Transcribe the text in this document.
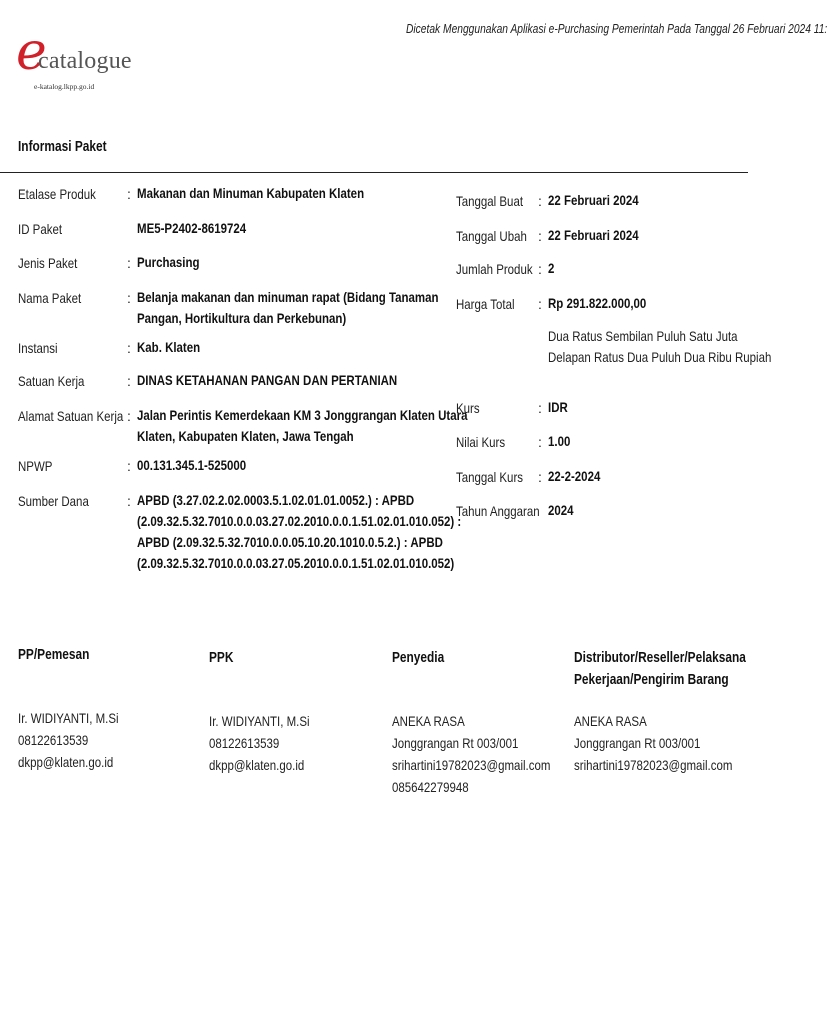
Dicetak Menggunakan Aplikasi e-Purchasing Pemerintah Pada Tanggal 26 Februari 2024 11:
e
catalogue
e-katalog.lkpp.go.id
Informasi Paket
Etalase Produk : Makanan dan Minuman Kabupaten Klaten
ID Paket	ME5-P2402-8619724
Jenis Paket	: Purchasing
Nama Paket	: Belanja makanan dan minuman rapat (Bidang Tanaman
Pangan, Hortikultura dan Perkebunan)
Instansi	: Kab. Klaten
Satuan Kerja	: DINAS KETAHANAN PANGAN DAN PERTANIAN
Alamat Satuan Kerja : Jalan Perintis Kemerdekaan KM 3 Jonggrangan Klaten Utara
Klaten, Kabupaten Klaten, Jawa Tengah
NPWP	: 00.131.345.1-525000
Sumber Dana	: APBD (3.27.02.2.02.0003.5.1.02.01.01.0052.) : APBD
(2.09.32.5.32.7010.0.0.03.27.02.2010.0.0.1.51.02.01.010.052) :
APBD (2.09.32.5.32.7010.0.0.05.10.20.1010.0.5.2.) : APBD
(2.09.32.5.32.7010.0.0.03.27.05.2010.0.0.1.51.02.01.010.052)
Tanggal Buat : 22 Februari 2024
Tanggal Ubah : 22 Februari 2024
Jumlah Produk : 2
Harga Total : Rp 291.822.000,00
Dua Ratus Sembilan Puluh Satu Juta
Delapan Ratus Dua Puluh Dua Ribu Rupiah
Kurs	: IDR
Nilai Kurs : 1.00
Tanggal Kurs : 22-2-2024
Tahun Anggaran 2024
PP/Pemesan
Ir. WIDIYANTI, M.Si
08122613539
dkpp@klaten.go.id
PPK
Ir. WIDIYANTI, M.Si
08122613539
dkpp@klaten.go.id
Penyedia
ANEKA RASA
Jonggrangan Rt 003/001
srihartini19782023@gmail.com
085642279948
Distributor/Reseller/Pelaksana
Pekerjaan/Pengirim Barang
ANEKA RASA
Jonggrangan Rt 003/001
srihartini19782023@gmail.com
